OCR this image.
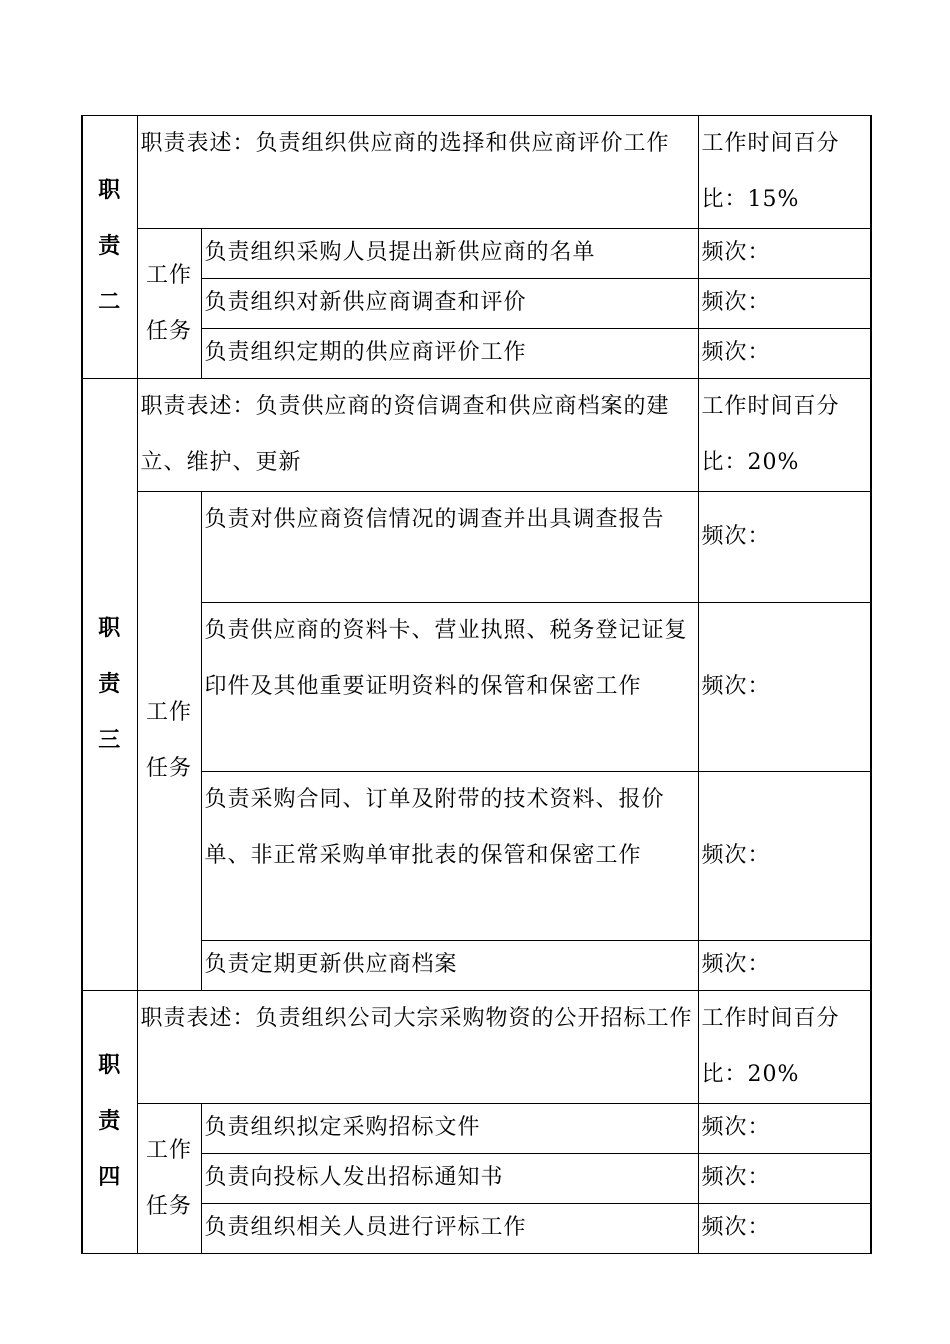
职
责
二	职责表述：负责组织供应商的选择和供应商评价工作		工作时间百分比：15%

	工作
任务	负责组织采购人员提出新供应商的名单	频次：
		负责组织对新供应商调查和评价	频次：
		负责组织定期的供应商评价工作	频次：

职
责
三	职责表述：负责供应商的资信调查和供应商档案的建立、维护、更新		工作时间百分比：20%

	工作
任务	负责对供应商资信情况的调查并出具调查报告	频次：
		负责供应商的资料卡、营业执照、税务登记证复印件及其他重要证明资料的保管和保密工作	频次：
		负责采购合同、订单及附带的技术资料、报价单、非正常采购单审批表的保管和保密工作	频次：
		负责定期更新供应商档案	频次：

职
责
四	职责表述：负责组织公司大宗采购物资的公开招标工作		工作时间百分比：20%

	工作
任务	负责组织拟定采购招标文件	频次：
		负责向投标人发出招标通知书	频次：
		负责组织相关人员进行评标工作	频次：
